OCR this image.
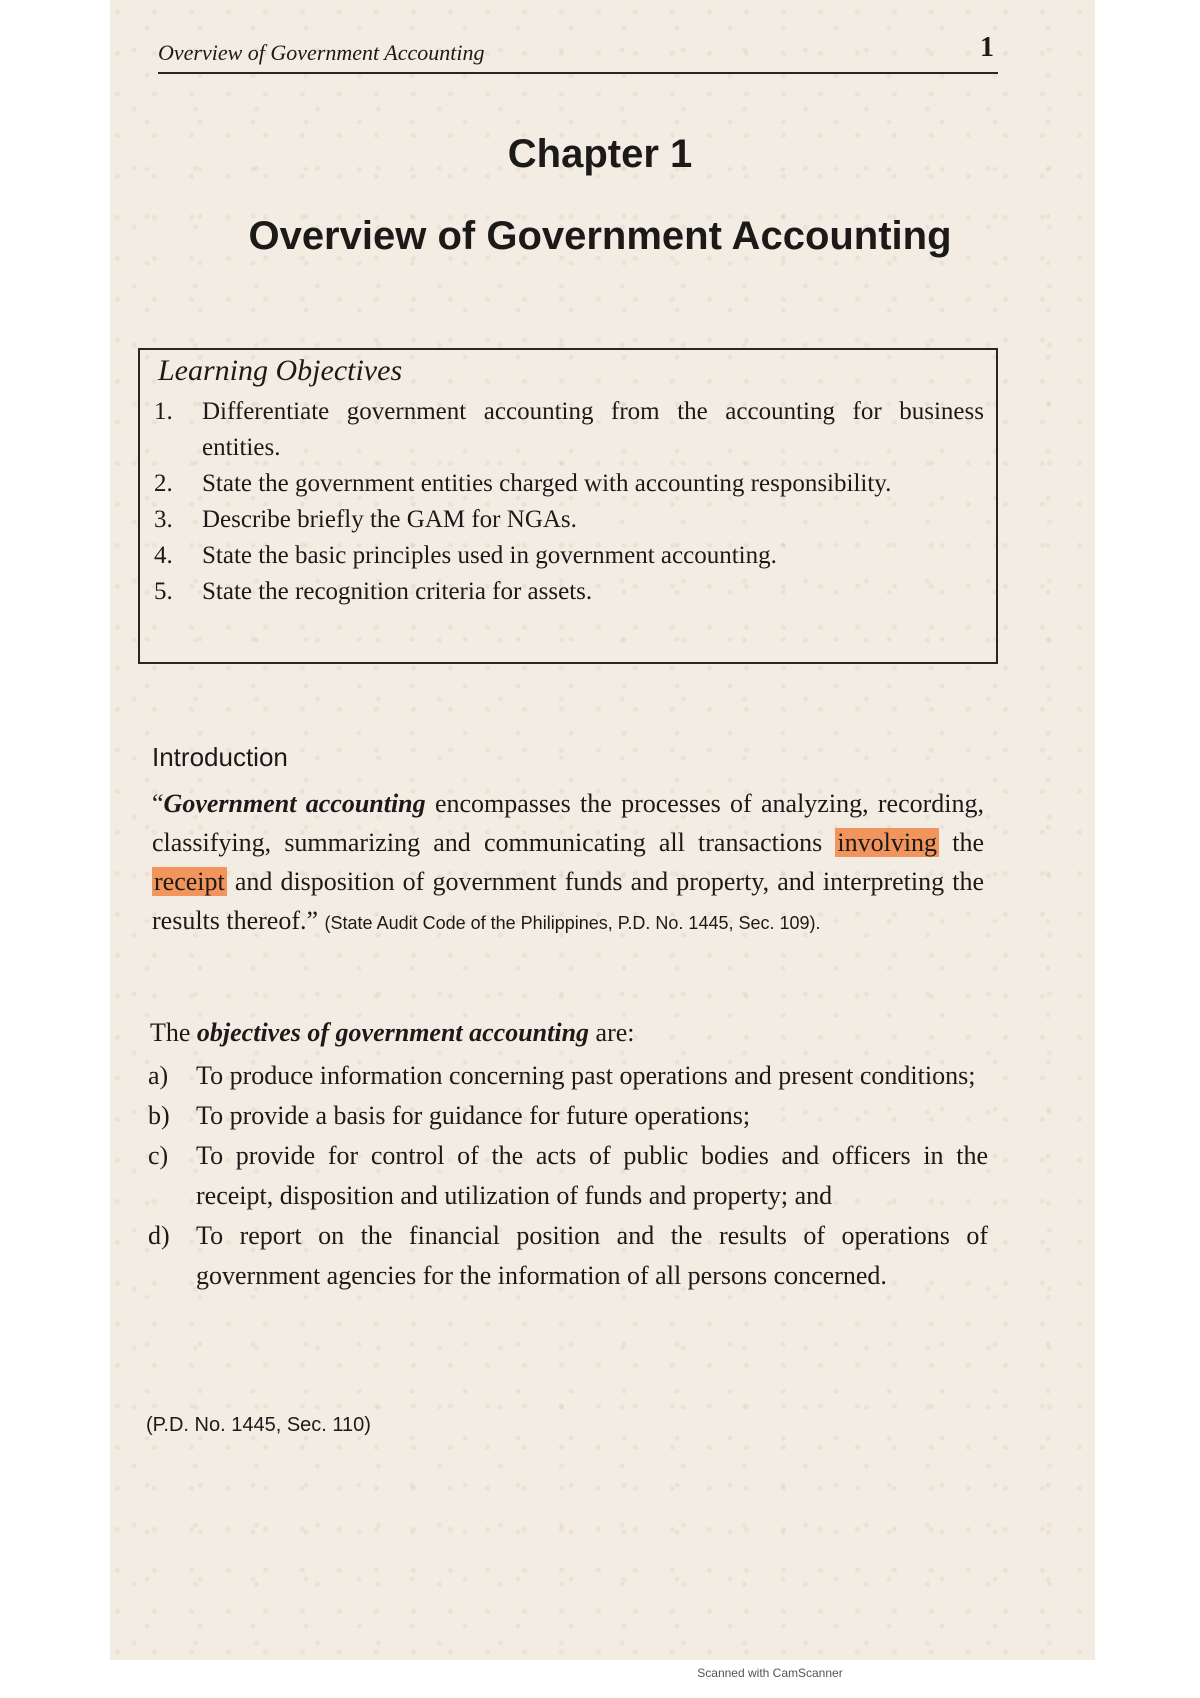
Overview of Government Accounting	1
Chapter 1
Overview of Government Accounting
Learning Objectives
1. Differentiate government accounting from the accounting for business entities.
2. State the government entities charged with accounting responsibility.
3. Describe briefly the GAM for NGAs.
4. State the basic principles used in government accounting.
5. State the recognition criteria for assets.
Introduction

“Government accounting encompasses the processes of analyzing, recording, classifying, summarizing and communicating all transactions involving the receipt and disposition of government funds and property, and interpreting the results thereof.” (State Audit Code of the Philippines, P.D. No. 1445, Sec. 109).

The objectives of government accounting are:
a) To produce information concerning past operations and present conditions;
b) To provide a basis for guidance for future operations;
c) To provide for control of the acts of public bodies and officers in the receipt, disposition and utilization of funds and property; and
d) To report on the financial position and the results of operations of government agencies for the information of all persons concerned.
(P.D. No. 1445, Sec. 110)
Scanned with CamScanner
